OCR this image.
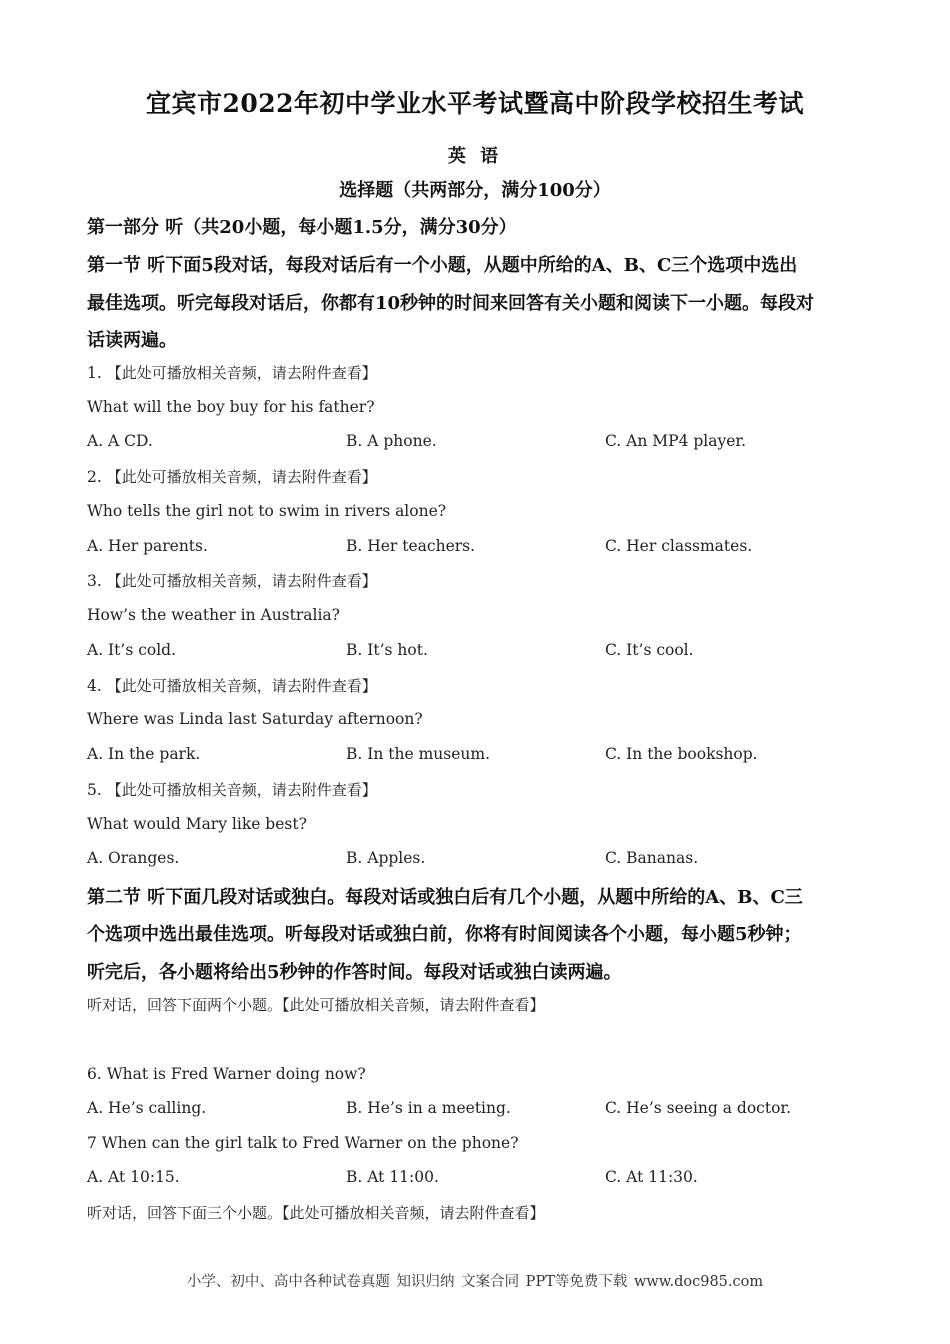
宜宾市2022年初中学业水平考试暨高中阶段学校招生考试
英 语
选择题（共两部分，满分100分）
第一部分 听（共20小题，每小题1.5分，满分30分）
第一节 听下面5段对话，每段对话后有一个小题，从题中所给的A、B、C三个选项中选出
最佳选项。听完每段对话后，你都有10秒钟的时间来回答有关小题和阅读下一小题。每段对
话读两遍。
1. 【此处可播放相关音频，请去附件查看】
What will the boy buy for his father?
A. A CD.	B. A phone.	C. An MP4 player.
2. 【此处可播放相关音频，请去附件查看】
Who tells the girl not to swim in rivers alone?
A. Her parents.	B. Her teachers.	C. Her classmates.
3. 【此处可播放相关音频，请去附件查看】
How’s the weather in Australia?
A. It’s cold.	B. It’s hot.	C. It’s cool.
4. 【此处可播放相关音频，请去附件查看】
Where was Linda last Saturday afternoon?
A. In the park.	B. In the museum.	C. In the bookshop.
5. 【此处可播放相关音频，请去附件查看】
What would Mary like best?
A. Oranges.	B. Apples.	C. Bananas.
第二节 听下面几段对话或独白。每段对话或独白后有几个小题，从题中所给的A、B、C三
个选项中选出最佳选项。听每段对话或独白前，你将有时间阅读各个小题，每小题5秒钟；
听完后，各小题将给出5秒钟的作答时间。每段对话或独白读两遍。
听对话，回答下面两个小题。【此处可播放相关音频，请去附件查看】
6. What is Fred Warner doing now?
A. He’s calling.	B. He’s in a meeting.	C. He’s seeing a doctor.
7 When can the girl talk to Fred Warner on the phone?
A. At 10:15.	B. At 11:00.	C. At 11:30.
听对话，回答下面三个小题。【此处可播放相关音频，请去附件查看】
小学、初中、高中各种试卷真题 知识归纳 文案合同 PPT等免费下载 www.doc985.com
